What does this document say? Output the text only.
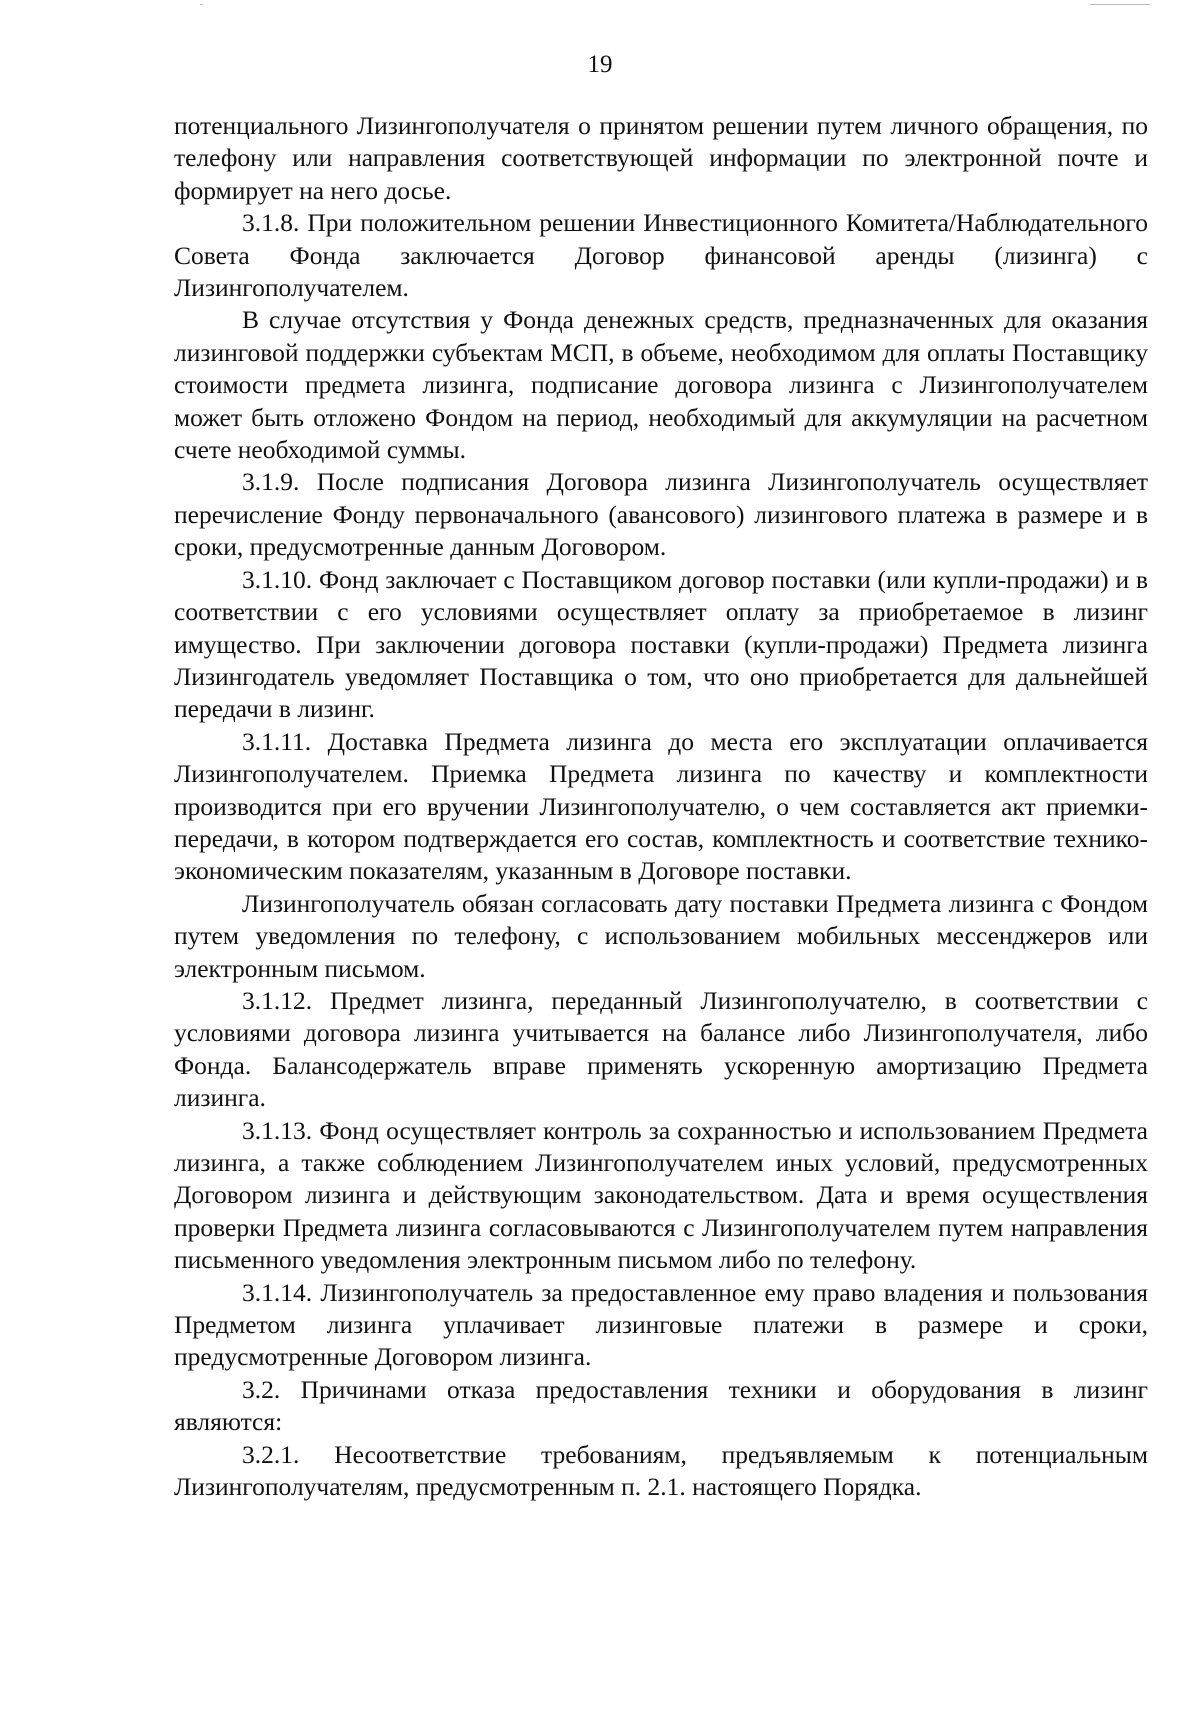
19

потенциального Лизингополучателя о принятом решении путем личного обращения, по телефону или направления соответствующей информации по электронной почте и формирует на него досье.

3.1.8. При положительном решении Инвестиционного Комитета/Наблюдательного Совета Фонда заключается Договор финансовой аренды (лизинга) с Лизингополучателем.

В случае отсутствия у Фонда денежных средств, предназначенных для оказания лизинговой поддержки субъектам МСП, в объеме, необходимом для оплаты Поставщику стоимости предмета лизинга, подписание договора лизинга с Лизингополучателем может быть отложено Фондом на период, необходимый для аккумуляции на расчетном счете необходимой суммы.

3.1.9. После подписания Договора лизинга Лизингополучатель осуществляет перечисление Фонду первоначального (авансового) лизингового платежа в размере и в сроки, предусмотренные данным Договором.

3.1.10. Фонд заключает с Поставщиком договор поставки (или купли-продажи) и в соответствии с его условиями осуществляет оплату за приобретаемое в лизинг имущество. При заключении договора поставки (купли-продажи) Предмета лизинга Лизингодатель уведомляет Поставщика о том, что оно приобретается для дальнейшей передачи в лизинг.

3.1.11. Доставка Предмета лизинга до места его эксплуатации оплачивается Лизингополучателем. Приемка Предмета лизинга по качеству и комплектности производится при его вручении Лизингополучателю, о чем составляется акт приемки-передачи, в котором подтверждается его состав, комплектность и соответствие технико-экономическим показателям, указанным в Договоре поставки.

Лизингополучатель обязан согласовать дату поставки Предмета лизинга с Фондом путем уведомления по телефону, с использованием мобильных мессенджеров или электронным письмом.

3.1.12. Предмет лизинга, переданный Лизингополучателю, в соответствии с условиями договора лизинга учитывается на балансе либо Лизингополучателя, либо Фонда. Балансодержатель вправе применять ускоренную амортизацию Предмета лизинга.

3.1.13. Фонд осуществляет контроль за сохранностью и использованием Предмета лизинга, а также соблюдением Лизингополучателем иных условий, предусмотренных Договором лизинга и действующим законодательством. Дата и время осуществления проверки Предмета лизинга согласовываются с Лизингополучателем путем направления письменного уведомления электронным письмом либо по телефону.

3.1.14. Лизингополучатель за предоставленное ему право владения и пользования Предметом лизинга уплачивает лизинговые платежи в размере и сроки, предусмотренные Договором лизинга.

3.2. Причинами отказа предоставления техники и оборудования в лизинг являются:

3.2.1. Несоответствие требованиям, предъявляемым к потенциальным Лизингополучателям, предусмотренным п. 2.1. настоящего Порядка.
